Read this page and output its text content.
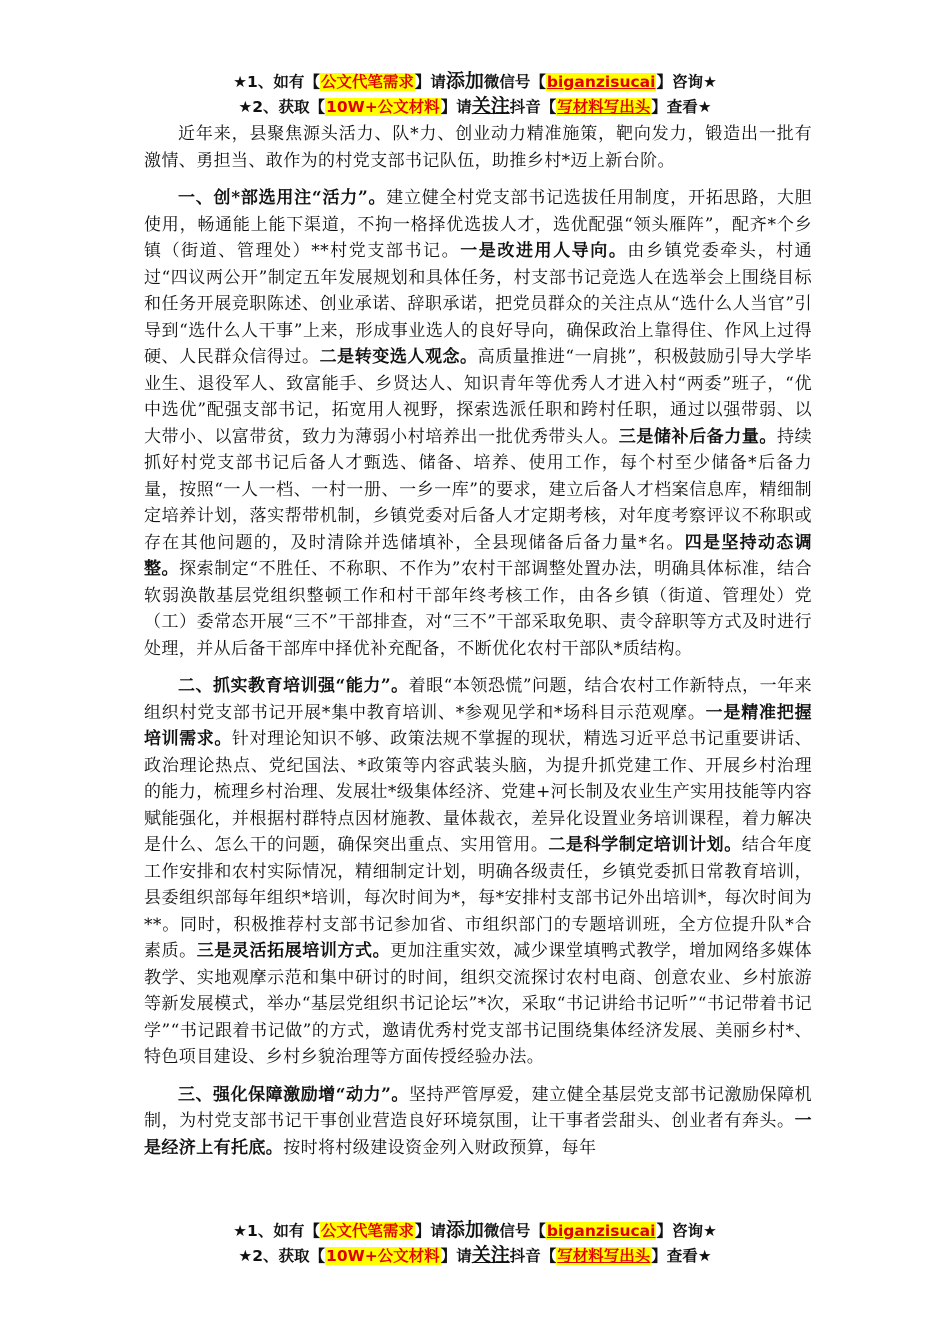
★1、如有【公文代笔需求】请添加微信号【biganzisucai】咨询★
★2、获取【10W+公文材料】请关注抖音【写材料写出头】查看★

近年来，县聚焦源头活力、队*力、创业动力精准施策，靶向发力，锻造出一批有激情、勇担当、敢作为的村党支部书记队伍，助推乡村*迈上新台阶。

一、创*部选用注“活力”。建立健全村党支部书记选拔任用制度，开拓思路，大胆使用，畅通能上能下渠道，不拘一格择优选拔人才，选优配强“领头雁阵”，配齐*个乡镇（街道、管理处）**村党支部书记。一是改进用人导向。由乡镇党委牵头，村通过“四议两公开”制定五年发展规划和具体任务，村支部书记竞选人在选举会上围绕目标和任务开展竞职陈述、创业承诺、辞职承诺，把党员群众的关注点从“选什么人当官”引导到“选什么人干事”上来，形成事业选人的良好导向，确保政治上靠得住、作风上过得硬、人民群众信得过。二是转变选人观念。高质量推进“一肩挑”，积极鼓励引导大学毕业生、退役军人、致富能手、乡贤达人、知识青年等优秀人才进入村“两委”班子，“优中选优”配强支部书记，拓宽用人视野，探索选派任职和跨村任职，通过以强带弱、以大带小、以富带贫，致力为薄弱小村培养出一批优秀带头人。三是储补后备力量。持续抓好村党支部书记后备人才甄选、储备、培养、使用工作，每个村至少储备*后备力量，按照“一人一档、一村一册、一乡一库”的要求，建立后备人才档案信息库，精细制定培养计划，落实帮带机制，乡镇党委对后备人才定期考核，对年度考察评议不称职或存在其他问题的，及时清除并选储填补，全县现储备后备力量*名。四是坚持动态调整。探索制定“不胜任、不称职、不作为”农村干部调整处置办法，明确具体标准，结合软弱涣散基层党组织整顿工作和村干部年终考核工作，由各乡镇（街道、管理处）党（工）委常态开展“三不”干部排查，对“三不”干部采取免职、责令辞职等方式及时进行处理，并从后备干部库中择优补充配备，不断优化农村干部队*质结构。

二、抓实教育培训强“能力”。着眼“本领恐慌”问题，结合农村工作新特点，一年来组织村党支部书记开展*集中教育培训、*参观见学和*场科目示范观摩。一是精准把握培训需求。针对理论知识不够、政策法规不掌握的现状，精选习近平总书记重要讲话、政治理论热点、党纪国法、*政策等内容武装头脑，为提升抓党建工作、开展乡村治理的能力，梳理乡村治理、发展壮*级集体经济、党建+河长制及农业生产实用技能等内容赋能强化，并根据村群特点因材施教、量体裁衣，差异化设置业务培训课程，着力解决是什么、怎么干的问题，确保突出重点、实用管用。二是科学制定培训计划。结合年度工作安排和农村实际情况，精细制定计划，明确各级责任，乡镇党委抓日常教育培训，县委组织部每年组织*培训，每次时间为*，每*安排村支部书记外出培训*，每次时间为**。同时，积极推荐村支部书记参加省、市组织部门的专题培训班，全方位提升队*合素质。三是灵活拓展培训方式。更加注重实效，减少课堂填鸭式教学，增加网络多媒体教学、实地观摩示范和集中研讨的时间，组织交流探讨农村电商、创意农业、乡村旅游等新发展模式，举办“基层党组织书记论坛”*次，采取“书记讲给书记听”“书记带着书记学”“书记跟着书记做”的方式，邀请优秀村党支部书记围绕集体经济发展、美丽乡村*、特色项目建设、乡村乡貌治理等方面传授经验办法。

三、强化保障激励增“动力”。坚持严管厚爱，建立健全基层党支部书记激励保障机制，为村党支部书记干事创业营造良好环境氛围，让干事者尝甜头、创业者有奔头。一是经济上有托底。按时将村级建设资金列入财政预算，每年

★1、如有【公文代笔需求】请添加微信号【biganzisucai】咨询★
★2、获取【10W+公文材料】请关注抖音【写材料写出头】查看★
